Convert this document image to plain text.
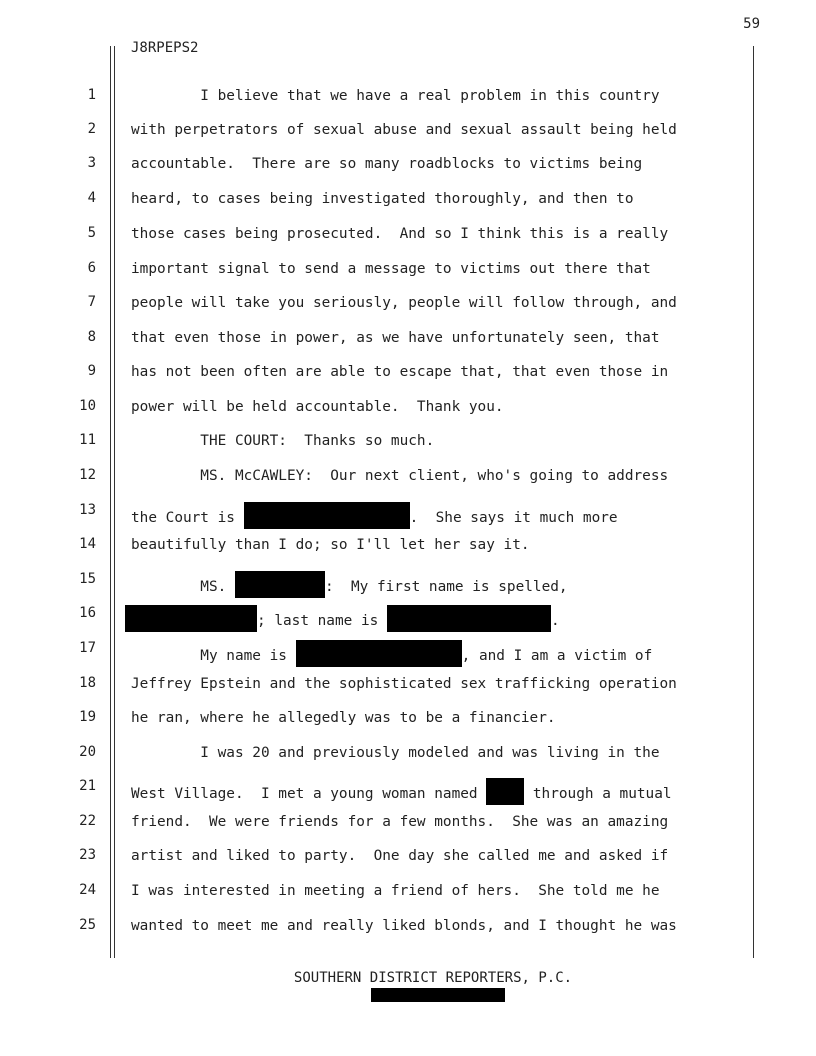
59
J8RPEPS2
1
2
3
4
5
6
7
8
9
10
11
12
13
14
15
16
17
18
19
20
21
22
23
24
25
I believe that we have a real problem in this country
with perpetrators of sexual abuse and sexual assault being held
accountable.  There are so many roadblocks to victims being
heard, to cases being investigated thoroughly, and then to
those cases being prosecuted.  And so I think this is a really
important signal to send a message to victims out there that
people will take you seriously, people will follow through, and
that even those in power, as we have unfortunately seen, that
has not been often are able to escape that, that even those in
power will be held accountable.  Thank you.
THE COURT:  Thanks so much.
MS. McCAWLEY:  Our next client, who's going to address
the Court is	.  She says it much more
beautifully than I do; so I'll let her say it.
MS.	:  My first name is spelled,
; last name is	.
My name is	, and I am a victim of
Jeffrey Epstein and the sophisticated sex trafficking operation
he ran, where he allegedly was to be a financier.
I was 20 and previously modeled and was living in the
West Village.  I met a young woman named	through a mutual
friend.  We were friends for a few months.  She was an amazing
artist and liked to party.  One day she called me and asked if
I was interested in meeting a friend of hers.  She told me he
wanted to meet me and really liked blonds, and I thought he was
SOUTHERN DISTRICT REPORTERS, P.C.
